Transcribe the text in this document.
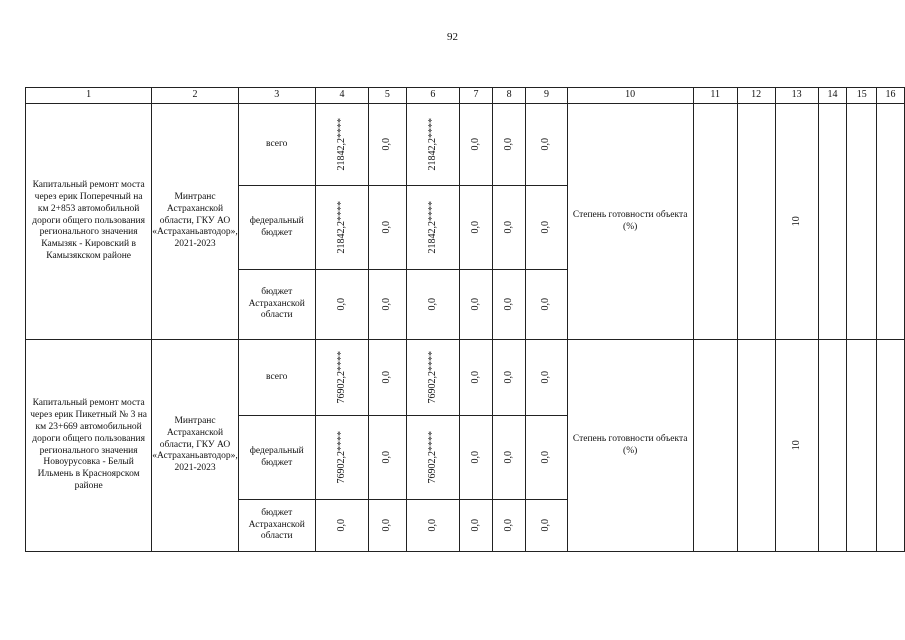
92
1	2	3	4	5	6	7	8	9	10	11	12	13	14	15	16
Капитальный ремонт моста через ерик Поперечный на км 2+853 автомобильной дороги общего пользования регионального значения Камызяк - Кировский в Камызякском районе	Минтранс Астраханской области, ГКУ АО «Астраханьавтодор», 2021-2023	всего	21842,2****	0,0	21842,2****	0,0	0,0	0,0	Степень готовности объекта (%)			10			
		федеральный бюджет	21842,2****	0,0	21842,2****	0,0	0,0	0,0							
		бюджет Астраханской области	0,0	0,0	0,0	0,0	0,0	0,0							
Капитальный ремонт моста через ерик Пикетный № 3 на км 23+669 автомобильной дороги общего пользования регионального значения Новоурусовка - Белый Ильмень в Красноярском районе	Минтранс Астраханской области, ГКУ АО «Астраханьавтодор», 2021-2023	всего	76902,2****	0,0	76902,2****	0,0	0,0	0,0	Степень готовности объекта (%)			10			
		федеральный бюджет	76902,2****	0,0	76902,2****	0,0	0,0	0,0							
		бюджет Астраханской области	0,0	0,0	0,0	0,0	0,0	0,0							
